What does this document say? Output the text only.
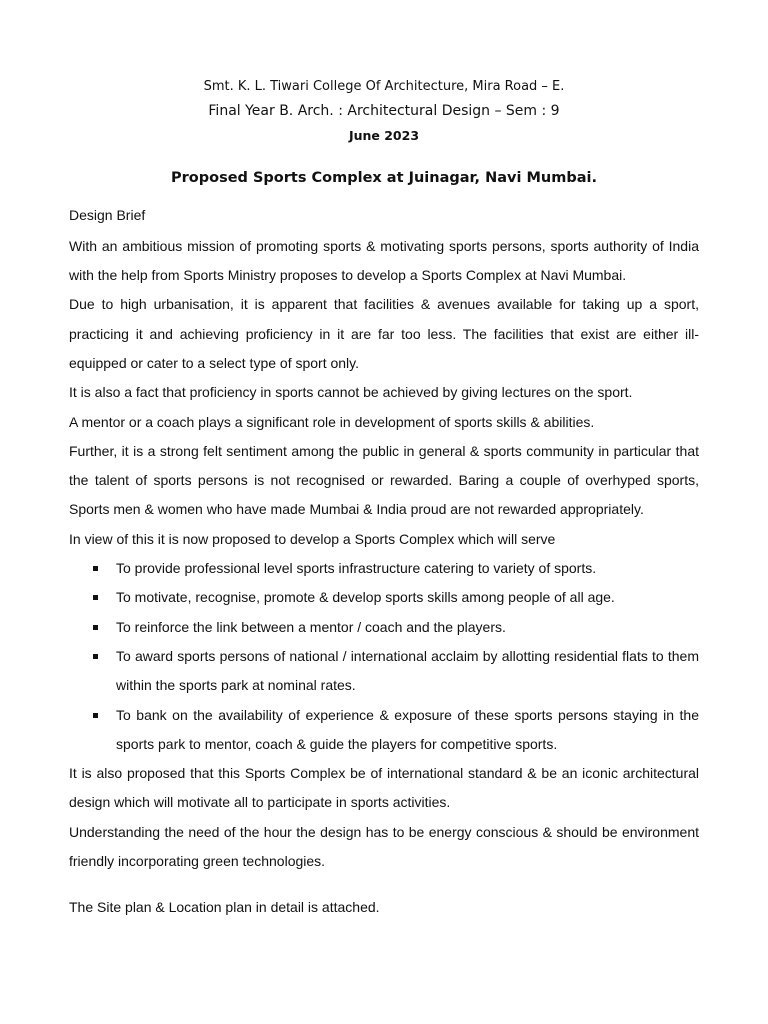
Smt. K. L. Tiwari College Of Architecture, Mira Road – E.
Final Year B. Arch. : Architectural Design – Sem : 9
June 2023
Proposed Sports Complex at Juinagar, Navi Mumbai.

Design Brief

With an ambitious mission of promoting sports & motivating sports persons, sports authority of India with the help from Sports Ministry proposes to develop a Sports Complex at Navi Mumbai.

Due to high urbanisation, it is apparent that facilities & avenues available for taking up a sport, practicing it and achieving proficiency in it are far too less. The facilities that exist are either ill-equipped or cater to a select type of sport only.

It is also a fact that proficiency in sports cannot be achieved by giving lectures on the sport.

A mentor or a coach plays a significant role in development of sports skills & abilities.

Further, it is a strong felt sentiment among the public in general & sports community in particular that the talent of sports persons is not recognised or rewarded. Baring a couple of overhyped sports, Sports men & women who have made Mumbai & India proud are not rewarded appropriately.

In view of this it is now proposed to develop a Sports Complex which will serve

To provide professional level sports infrastructure catering to variety of sports.
To motivate, recognise, promote & develop sports skills among people of all age.
To reinforce the link between a mentor / coach and the players.
To award sports persons of national / international acclaim by allotting residential flats to them within the sports park at nominal rates.
To bank on the availability of experience & exposure of these sports persons staying in the sports park to mentor, coach & guide the players for competitive sports.

It is also proposed that this Sports Complex be of international standard & be an iconic architectural design which will motivate all to participate in sports activities.

Understanding the need of the hour the design has to be energy conscious & should be environment friendly incorporating green technologies.

The Site plan & Location plan in detail is attached.
